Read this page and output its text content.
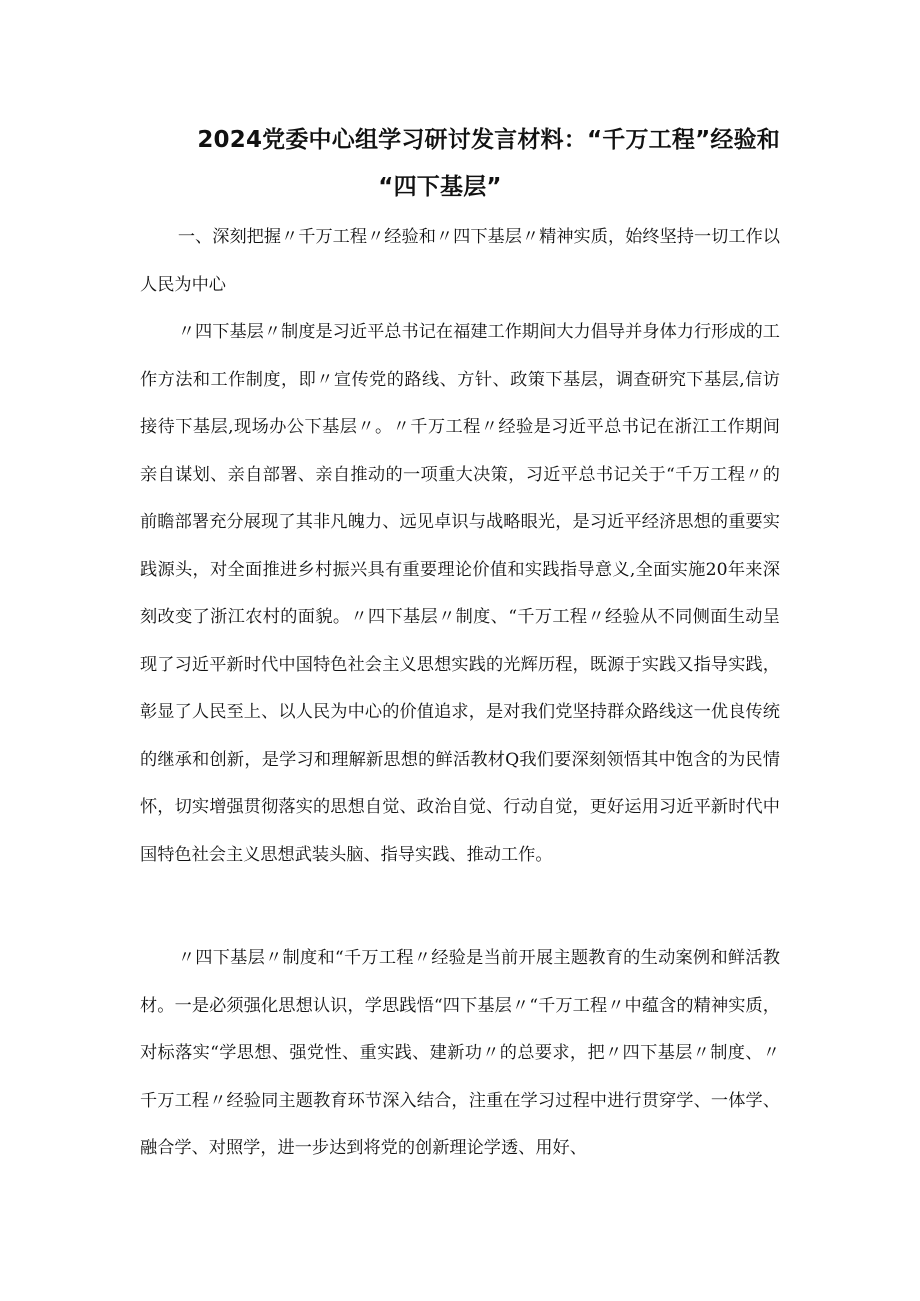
2024党委中心组学习研讨发言材料：“千万工程”经验和
“四下基层”

一、深刻把握〃千万工程〃经验和〃四下基层〃精神实质，始终坚持一切工作以人民为中心

〃四下基层〃制度是习近平总书记在福建工作期间大力倡导并身体力行形成的工作方法和工作制度，即〃宣传党的路线、方针、政策下基层，调查研究下基层,信访接待下基层,现场办公下基层〃。〃千万工程〃经验是习近平总书记在浙江工作期间亲自谋划、亲自部署、亲自推动的一项重大决策，习近平总书记关于“千万工程〃的前瞻部署充分展现了其非凡魄力、远见卓识与战略眼光，是习近平经济思想的重要实践源头，对全面推进乡村振兴具有重要理论价值和实践指导意义,全面实施20年来深刻改变了浙江农村的面貌。〃四下基层〃制度、“千万工程〃经验从不同侧面生动呈现了习近平新时代中国特色社会主义思想实践的光辉历程，既源于实践又指导实践，彰显了人民至上、以人民为中心的价值追求，是对我们党坚持群众路线这一优良传统的继承和创新，是学习和理解新思想的鲜活教材Q我们要深刻领悟其中饱含的为民情怀，切实增强贯彻落实的思想自觉、政治自觉、行动自觉，更好运用习近平新时代中国特色社会主义思想武装头脑、指导实践、推动工作。

〃四下基层〃制度和“千万工程〃经验是当前开展主题教育的生动案例和鲜活教材。一是必须强化思想认识，学思践悟“四下基层〃“千万工程〃中蕴含的精神实质，对标落实“学思想、强党性、重实践、建新功〃的总要求，把〃四下基层〃制度、〃千万工程〃经验同主题教育环节深入结合，注重在学习过程中进行贯穿学、一体学、融合学、对照学，进一步达到将党的创新理论学透、用好、
